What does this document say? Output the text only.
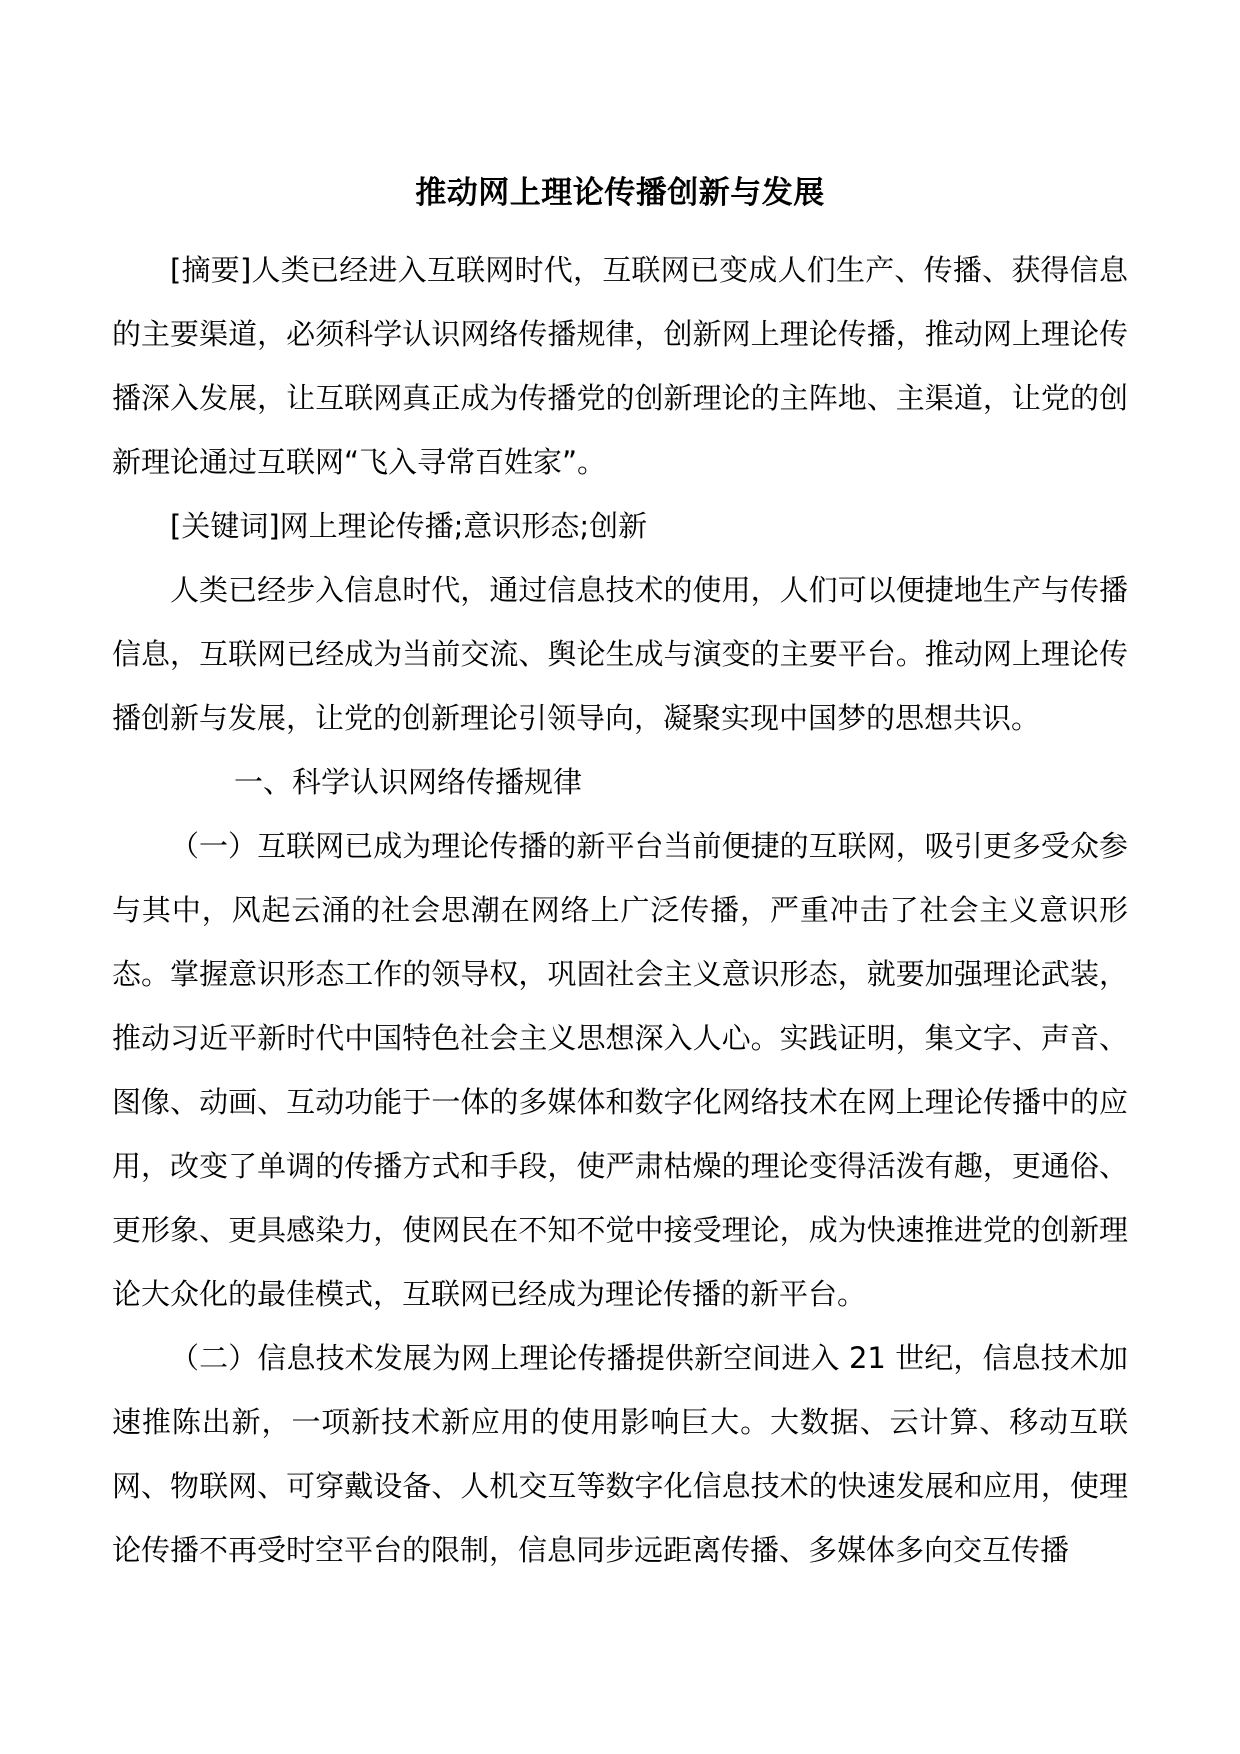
推动网上理论传播创新与发展

[摘要]人类已经进入互联网时代，互联网已变成人们生产、传播、获得信息的主要渠道，必须科学认识网络传播规律，创新网上理论传播，推动网上理论传播深入发展，让互联网真正成为传播党的创新理论的主阵地、主渠道，让党的创新理论通过互联网“飞入寻常百姓家”。

[关键词]网上理论传播;意识形态;创新

人类已经步入信息时代，通过信息技术的使用，人们可以便捷地生产与传播信息，互联网已经成为当前交流、舆论生成与演变的主要平台。推动网上理论传播创新与发展，让党的创新理论引领导向，凝聚实现中国梦的思想共识。

一、科学认识网络传播规律

（一）互联网已成为理论传播的新平台当前便捷的互联网，吸引更多受众参与其中，风起云涌的社会思潮在网络上广泛传播，严重冲击了社会主义意识形态。掌握意识形态工作的领导权，巩固社会主义意识形态，就要加强理论武装，推动习近平新时代中国特色社会主义思想深入人心。实践证明，集文字、声音、图像、动画、互动功能于一体的多媒体和数字化网络技术在网上理论传播中的应用，改变了单调的传播方式和手段，使严肃枯燥的理论变得活泼有趣，更通俗、更形象、更具感染力，使网民在不知不觉中接受理论，成为快速推进党的创新理论大众化的最佳模式，互联网已经成为理论传播的新平台。

（二）信息技术发展为网上理论传播提供新空间进入 21 世纪，信息技术加速推陈出新，一项新技术新应用的使用影响巨大。大数据、云计算、移动互联网、物联网、可穿戴设备、人机交互等数字化信息技术的快速发展和应用，使理论传播不再受时空平台的限制，信息同步远距离传播、多媒体多向交互传播
